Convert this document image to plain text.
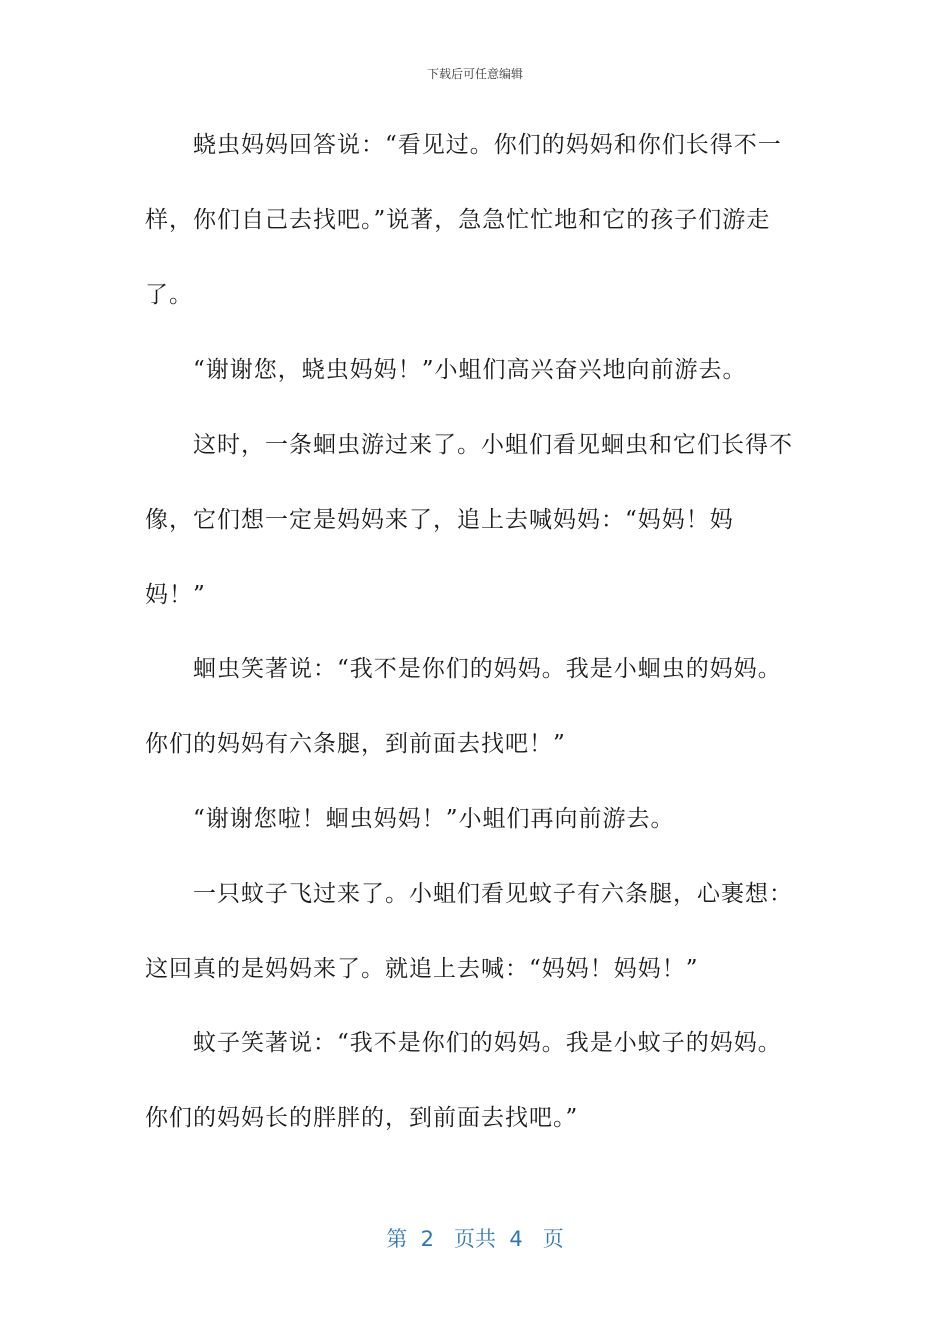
下载后可任意编辑
蛲虫妈妈回答说：“看见过。你们的妈妈和你们长得不一
样，你们自己去找吧。”说著，急急忙忙地和它的孩子们游走
了。
“谢谢您，蛲虫妈妈！”小蛆们高兴奋兴地向前游去。
这时，一条蛔虫游过来了。小蛆们看见蛔虫和它们长得不
像，它们想一定是妈妈来了，追上去喊妈妈：“妈妈！妈
妈！”
蛔虫笑著说：“我不是你们的妈妈。我是小蛔虫的妈妈。
你们的妈妈有六条腿，到前面去找吧！”
“谢谢您啦！蛔虫妈妈！”小蛆们再向前游去。
一只蚊子飞过来了。小蛆们看见蚊子有六条腿，心裹想：
这回真的是妈妈来了。就追上去喊：“妈妈！妈妈！”
蚊子笑著说：“我不是你们的妈妈。我是小蚊子的妈妈。
你们的妈妈长的胖胖的，到前面去找吧。”
第  2   页共  4   页
